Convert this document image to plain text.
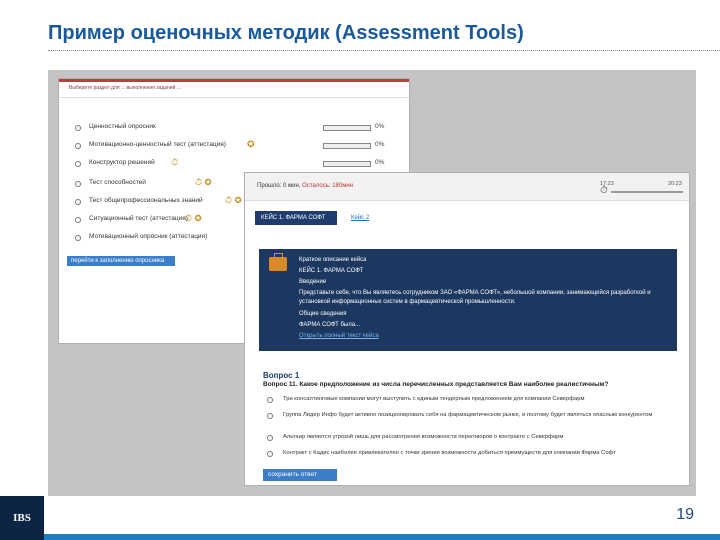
Пример оценочных методик (Assessment Tools)
Выберите раздел для ... выполнения заданий ...
Ценностный опросник	0%
Мотивационно-ценностный тест (аттестация) ✪	0%
Конструктор решений ⏱	0%
Тест способностей	⏱ ✪
Тест общепрофессиональных знаний ⏱ ✪
Ситуационный тест (аттестация)
⏱ ✪
Мотивационный опросник (аттестация)
перейти к заполнению опросника
Прошло: 0 мин. Осталось: 180мин	⏱
17:23	20:23
КЕЙС 1. ФАРМА СОФТ	Кейс 2
Краткое описание кейса
КЕЙС 1. ФАРМА СОФТ
Введение
Представьте себе, что Вы являетесь сотрудником ЗАО «ФАРМА СОФТ», небольшой компании, занимающейся разработкой и
установкой информационных систем в фармацевтической промышленности.
Общие сведения
ФАРМА СОФТ была...
Открыть полный текст кейса
Вопрос 1
Вопрос 11. Какое предположение из числа перечисленных представляется Вам наиболее реалистичным?
Три консалтинговые компании могут выступить с единым тендерным предложением для компании Северфарм
Группа Лидер Инфо будет активно позиционировать себя на фармацевтическом рынке, и поэтому будет являться опасным конкурентом
Альтаир является угрозой лишь для рассмотрения возможности переговоров о контракте с Северфарм
Контракт с Кадис наиболее привлекателен с точки зрения возможности добиться преимуществ для компании Фарма Софт
сохранить ответ
IBS	19
